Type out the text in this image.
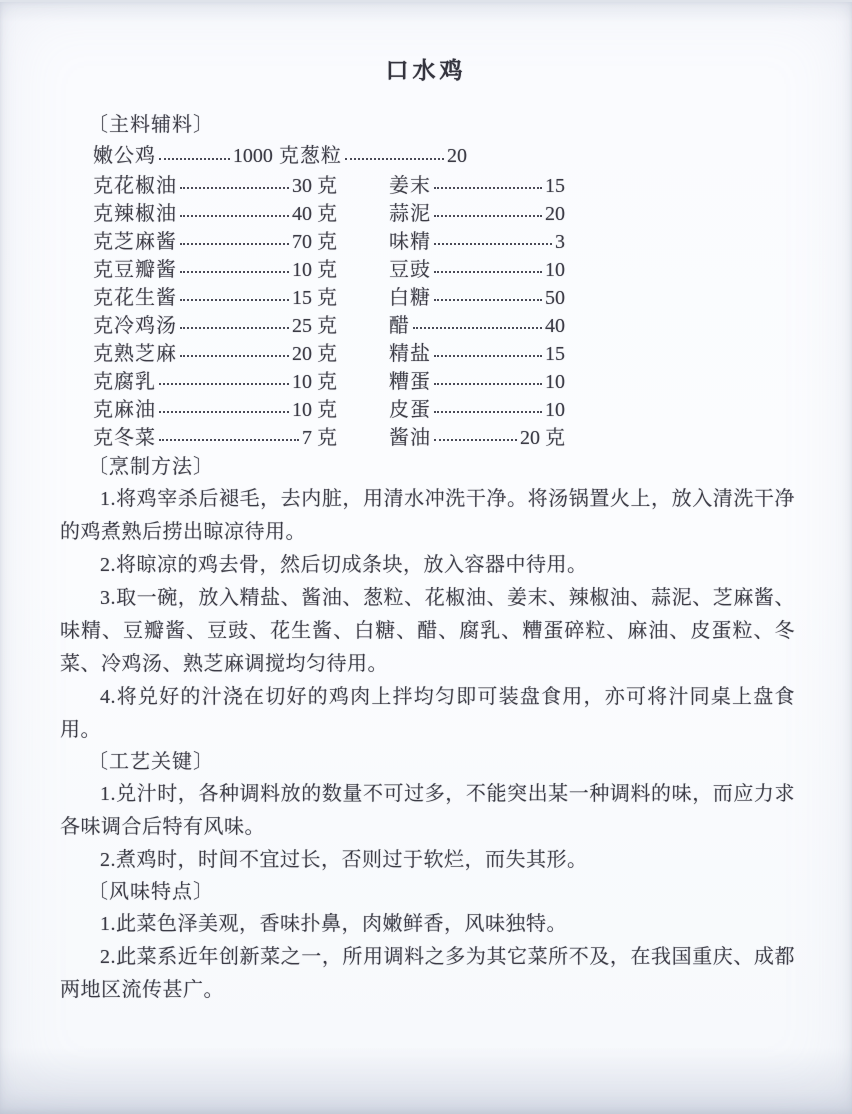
口水鸡
〔主料辅料〕
嫩公鸡	1000 克葱粒	20
克花椒油	30 克	姜末	15
克辣椒油	40 克	蒜泥	20
克芝麻酱	70 克	味精	3
克豆瓣酱	10 克	豆豉	10
克花生酱	15 克	白糖	50
克冷鸡汤	25 克	醋	40
克熟芝麻	20 克	精盐	15
克腐乳	10 克	糟蛋	10
克麻油	10 克	皮蛋	10
克冬菜	7 克	酱油	20 克
〔烹制方法〕

1.将鸡宰杀后褪毛，去内脏，用清水冲洗干净。将汤锅置火上，放入清洗干净的鸡煮熟后捞出晾凉待用。

2.将晾凉的鸡去骨，然后切成条块，放入容器中待用。

3.取一碗，放入精盐、酱油、葱粒、花椒油、姜末、辣椒油、蒜泥、芝麻酱、味精、豆瓣酱、豆豉、花生酱、白糖、醋、腐乳、糟蛋碎粒、麻油、皮蛋粒、冬菜、冷鸡汤、熟芝麻调搅均匀待用。

4.将兑好的汁浇在切好的鸡肉上拌均匀即可装盘食用，亦可将汁同桌上盘食用。

〔工艺关键〕

1.兑汁时，各种调料放的数量不可过多，不能突出某一种调料的味，而应力求各味调合后特有风味。

2.煮鸡时，时间不宜过长，否则过于软烂，而失其形。

〔风味特点〕

1.此菜色泽美观，香味扑鼻，肉嫩鲜香，风味独特。

2.此菜系近年创新菜之一，所用调料之多为其它菜所不及，在我国重庆、成都两地区流传甚广。
